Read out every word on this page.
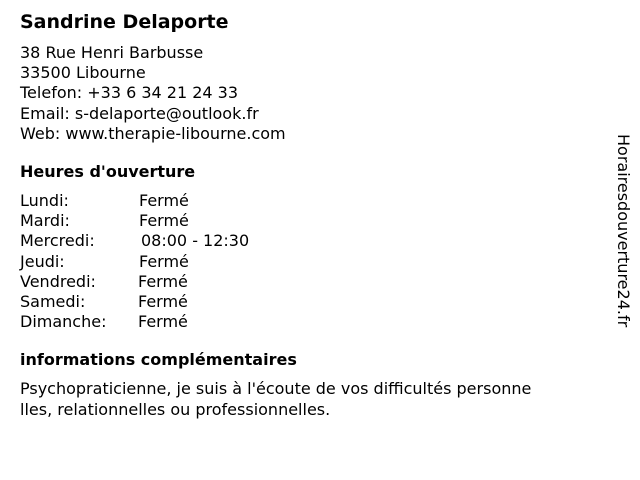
Sandrine Delaporte
38 Rue Henri Barbusse
33500 Libourne
Telefon: +33 6 34 21 24 33
Email: s-delaporte@outlook.fr
Web: www.therapie-libourne.com
Heures d'ouverture
Lundi:	Fermé
Mardi:	Fermé
Mercredi:	08:00 - 12:30
Jeudi:	Fermé
Vendredi:	Fermé
Samedi:	Fermé
Dimanche:	Fermé
informations complémentaires
Psychopraticienne, je suis à l'écoute de vos difficultés personne
lles, relationnelles ou professionnelles.
Horairesdouverture24.fr
